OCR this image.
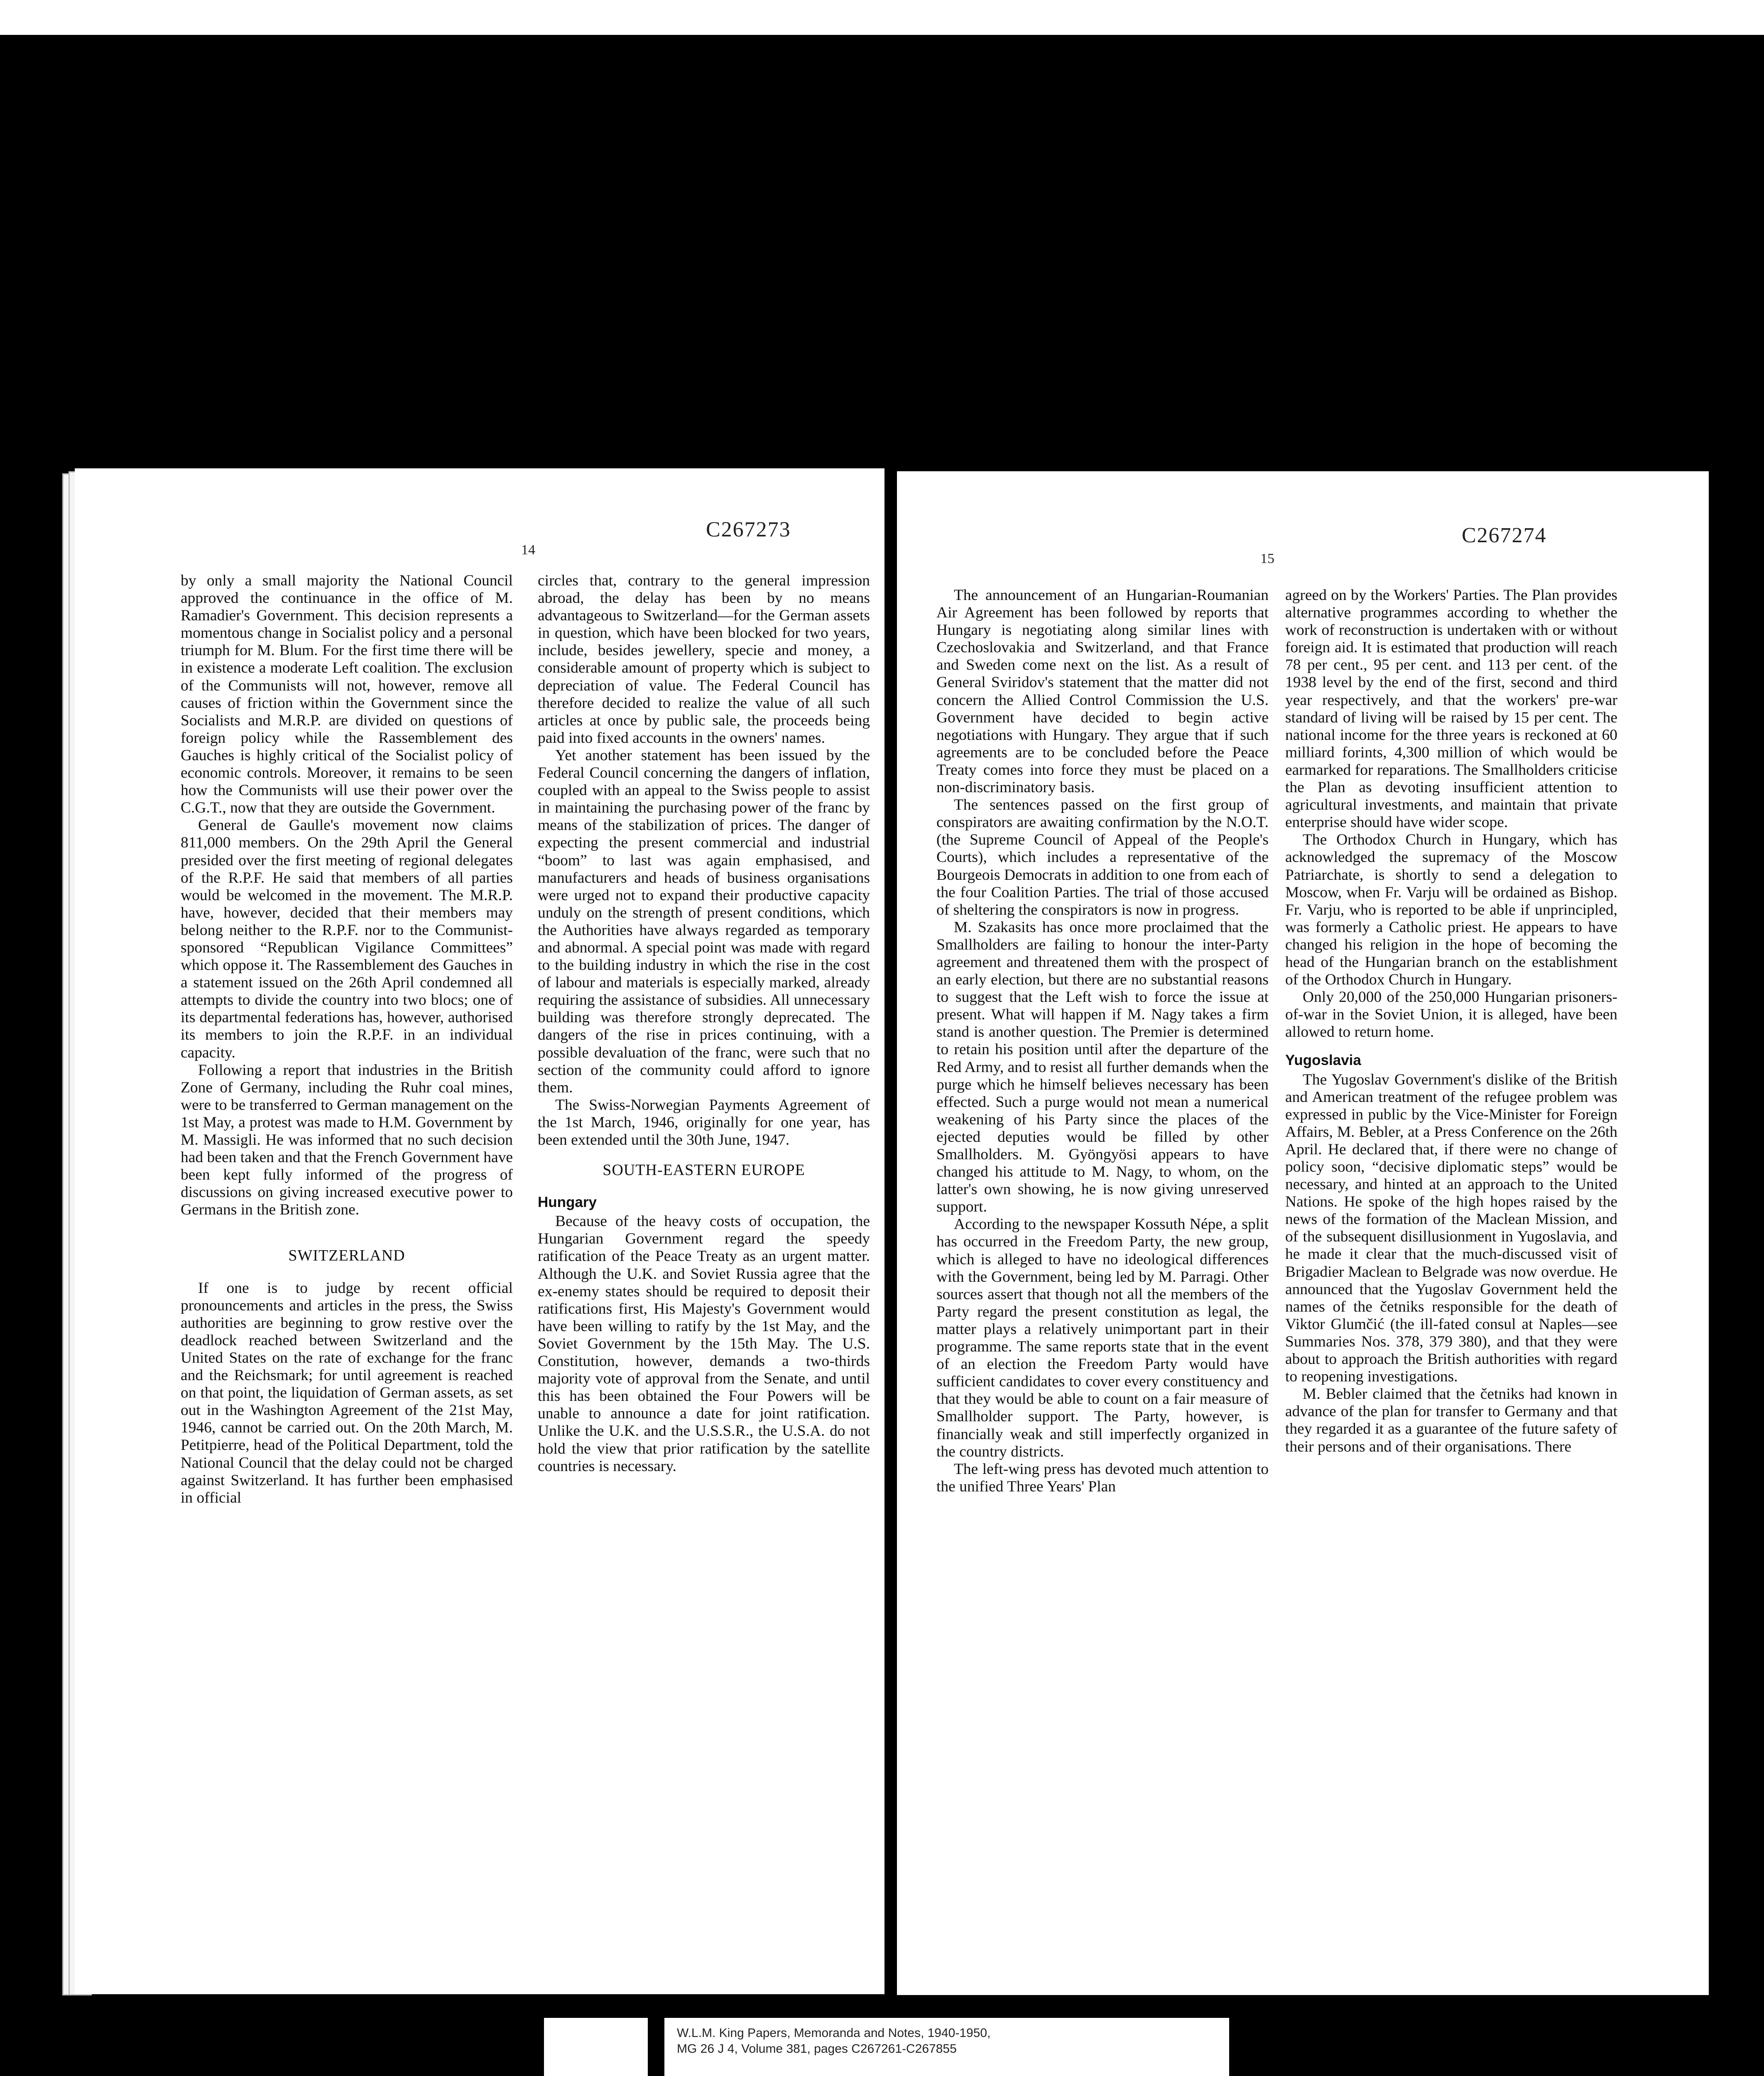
C267273
14

by only a small majority the National Council approved the continuance in the office of M. Ramadier's Government. This decision represents a momentous change in Socialist policy and a personal triumph for M. Blum. For the first time there will be in existence a moderate Left coalition. The exclusion of the Communists will not, however, remove all causes of friction within the Government since the Socialists and M.R.P. are divided on questions of foreign policy while the Rassemblement des Gauches is highly critical of the Socialist policy of economic controls. Moreover, it remains to be seen how the Communists will use their power over the C.G.T., now that they are outside the Government.

General de Gaulle's movement now claims 811,000 members. On the 29th April the General presided over the first meeting of regional delegates of the R.P.F. He said that members of all parties would be welcomed in the movement. The M.R.P. have, however, decided that their members may belong neither to the R.P.F. nor to the Communist-sponsored “Republican Vigilance Committees” which oppose it. The Rassemblement des Gauches in a statement issued on the 26th April condemned all attempts to divide the country into two blocs; one of its departmental federations has, however, authorised its members to join the R.P.F. in an individual capacity.

Following a report that industries in the British Zone of Germany, including the Ruhr coal mines, were to be transferred to German management on the 1st May, a protest was made to H.M. Government by M. Massigli. He was informed that no such decision had been taken and that the French Government have been kept fully informed of the progress of discussions on giving increased executive power to Germans in the British zone.

SWITZERLAND

If one is to judge by recent official pronouncements and articles in the press, the Swiss authorities are beginning to grow restive over the deadlock reached between Switzerland and the United States on the rate of exchange for the franc and the Reichsmark; for until agreement is reached on that point, the liquidation of German assets, as set out in the Washington Agreement of the 21st May, 1946, cannot be carried out. On the 20th March, M. Petitpierre, head of the Political Department, told the National Council that the delay could not be charged against Switzerland. It has further been emphasised in official

circles that, contrary to the general impression abroad, the delay has been by no means advantageous to Switzerland—for the German assets in question, which have been blocked for two years, include, besides jewellery, specie and money, a considerable amount of property which is subject to depreciation of value. The Federal Council has therefore decided to realize the value of all such articles at once by public sale, the proceeds being paid into fixed accounts in the owners' names.

Yet another statement has been issued by the Federal Council concerning the dangers of inflation, coupled with an appeal to the Swiss people to assist in maintaining the purchasing power of the franc by means of the stabilization of prices. The danger of expecting the present commercial and industrial “boom” to last was again emphasised, and manufacturers and heads of business organisations were urged not to expand their productive capacity unduly on the strength of present conditions, which the Authorities have always regarded as temporary and abnormal. A special point was made with regard to the building industry in which the rise in the cost of labour and materials is especially marked, already requiring the assistance of subsidies. All unnecessary building was therefore strongly deprecated. The dangers of the rise in prices continuing, with a possible devaluation of the franc, were such that no section of the community could afford to ignore them.

The Swiss-Norwegian Payments Agreement of the 1st March, 1946, originally for one year, has been extended until the 30th June, 1947.

SOUTH-EASTERN EUROPE
Hungary

Because of the heavy costs of occupation, the Hungarian Government regard the speedy ratification of the Peace Treaty as an urgent matter. Although the U.K. and Soviet Russia agree that the ex-enemy states should be required to deposit their ratifications first, His Majesty's Government would have been willing to ratify by the 1st May, and the Soviet Government by the 15th May. The U.S. Constitution, however, demands a two-thirds majority vote of approval from the Senate, and until this has been obtained the Four Powers will be unable to announce a date for joint ratification. Unlike the U.K. and the U.S.S.R., the U.S.A. do not hold the view that prior ratification by the satellite countries is necessary.

C267274
15

The announcement of an Hungarian-Roumanian Air Agreement has been followed by reports that Hungary is negotiating along similar lines with Czechoslovakia and Switzerland, and that France and Sweden come next on the list. As a result of General Sviridov's statement that the matter did not concern the Allied Control Commission the U.S. Government have decided to begin active negotiations with Hungary. They argue that if such agreements are to be concluded before the Peace Treaty comes into force they must be placed on a non-discriminatory basis.

The sentences passed on the first group of conspirators are awaiting confirmation by the N.O.T. (the Supreme Council of Appeal of the People's Courts), which includes a representative of the Bourgeois Democrats in addition to one from each of the four Coalition Parties. The trial of those accused of sheltering the conspirators is now in progress.

M. Szakasits has once more proclaimed that the Smallholders are failing to honour the inter-Party agreement and threatened them with the prospect of an early election, but there are no substantial reasons to suggest that the Left wish to force the issue at present. What will happen if M. Nagy takes a firm stand is another question. The Premier is determined to retain his position until after the departure of the Red Army, and to resist all further demands when the purge which he himself believes necessary has been effected. Such a purge would not mean a numerical weakening of his Party since the places of the ejected deputies would be filled by other Smallholders. M. Gyöngyösi appears to have changed his attitude to M. Nagy, to whom, on the latter's own showing, he is now giving unreserved support.

According to the newspaper Kossuth Népe, a split has occurred in the Freedom Party, the new group, which is alleged to have no ideological differences with the Government, being led by M. Parragi. Other sources assert that though not all the members of the Party regard the present constitution as legal, the matter plays a relatively unimportant part in their programme. The same reports state that in the event of an election the Freedom Party would have sufficient candidates to cover every constituency and that they would be able to count on a fair measure of Smallholder support. The Party, however, is financially weak and still imperfectly organized in the country districts.

The left-wing press has devoted much attention to the unified Three Years' Plan

agreed on by the Workers' Parties. The Plan provides alternative programmes according to whether the work of reconstruction is undertaken with or without foreign aid. It is estimated that production will reach 78 per cent., 95 per cent. and 113 per cent. of the 1938 level by the end of the first, second and third year respectively, and that the workers' pre-war standard of living will be raised by 15 per cent. The national income for the three years is reckoned at 60 milliard forints, 4,300 million of which would be earmarked for reparations. The Smallholders criticise the Plan as devoting insufficient attention to agricultural investments, and maintain that private enterprise should have wider scope.

The Orthodox Church in Hungary, which has acknowledged the supremacy of the Moscow Patriarchate, is shortly to send a delegation to Moscow, when Fr. Varju will be ordained as Bishop. Fr. Varju, who is reported to be able if unprincipled, was formerly a Catholic priest. He appears to have changed his religion in the hope of becoming the head of the Hungarian branch on the establishment of the Orthodox Church in Hungary.

Only 20,000 of the 250,000 Hungarian prisoners-of-war in the Soviet Union, it is alleged, have been allowed to return home.

Yugoslavia

The Yugoslav Government's dislike of the British and American treatment of the refugee problem was expressed in public by the Vice-Minister for Foreign Affairs, M. Bebler, at a Press Conference on the 26th April. He declared that, if there were no change of policy soon, “decisive diplomatic steps” would be necessary, and hinted at an approach to the United Nations. He spoke of the high hopes raised by the news of the formation of the Maclean Mission, and of the subsequent disillusionment in Yugoslavia, and he made it clear that the much-discussed visit of Brigadier Maclean to Belgrade was now overdue. He announced that the Yugoslav Government held the names of the četniks responsible for the death of Viktor Glumčić (the ill-fated consul at Naples—see Summaries Nos. 378, 379 380), and that they were about to approach the British authorities with regard to reopening investigations.

M. Bebler claimed that the četniks had known in advance of the plan for transfer to Germany and that they regarded it as a guarantee of the future safety of their persons and of their organisations. There

W.L.M. King Papers, Memoranda and Notes, 1940-1950,
MG 26 J 4, Volume 381, pages C267261-C267855
